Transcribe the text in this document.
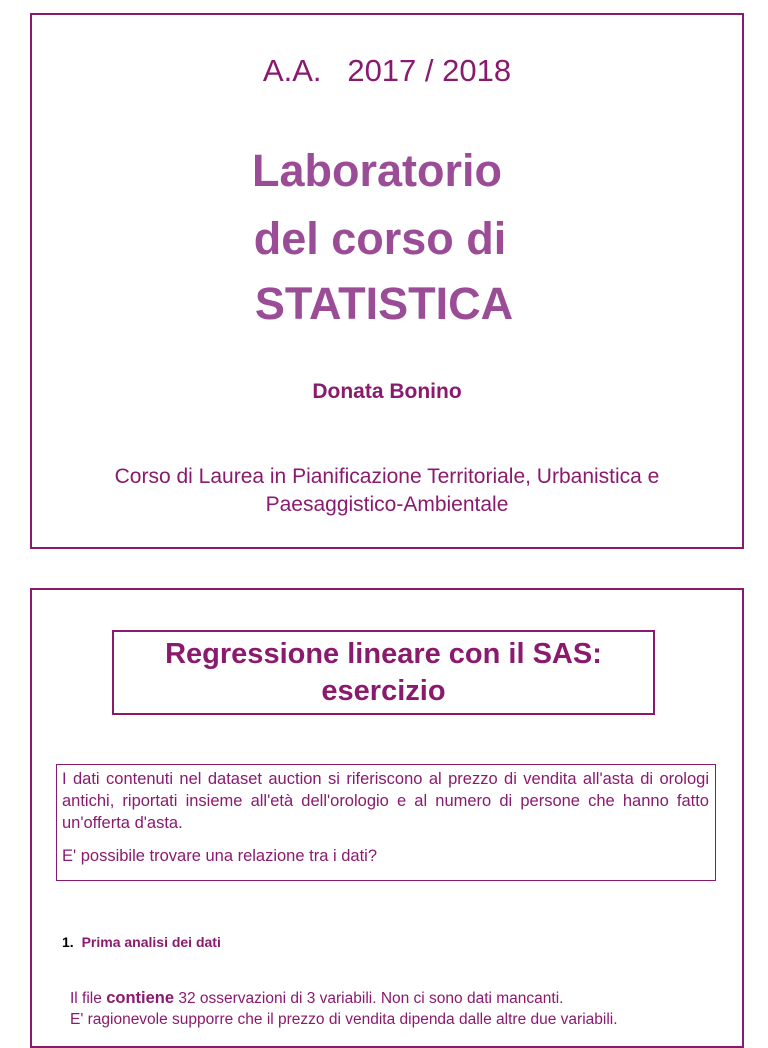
A.A.   2017 / 2018
Laboratorio
del corso di
STATISTICA
Donata Bonino
Corso di Laurea in Pianificazione Territoriale, Urbanistica e
Paesaggistico-Ambientale
Regressione lineare con il SAS:
esercizio
I dati contenuti nel dataset auction si riferiscono al prezzo di vendita all'asta di orologi antichi, riportati insieme all'età dell'orologio e al numero di persone che hanno fatto un'offerta d'asta.
E' possibile trovare una relazione tra i dati?
1. Prima analisi dei dati
Il file contiene 32 osservazioni di 3 variabili. Non ci sono dati mancanti.
E' ragionevole supporre che il prezzo di vendita dipenda dalle altre due variabili.
